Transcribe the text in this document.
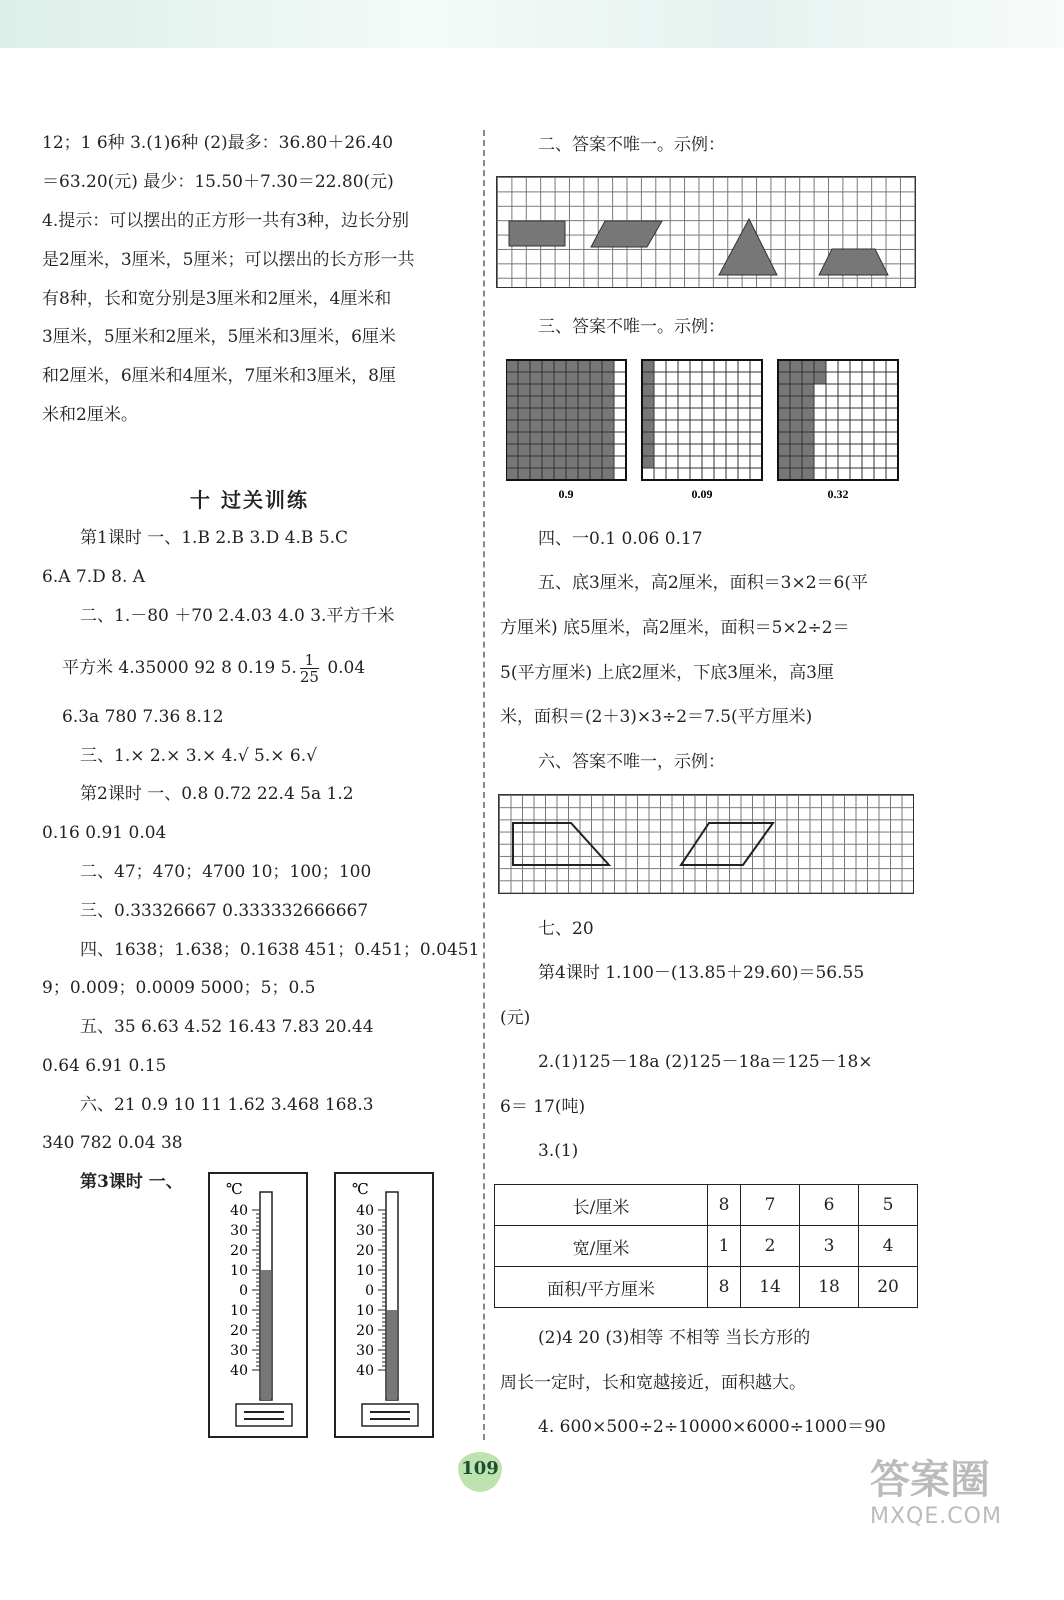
12；1 6种 3.(1)6种 (2)最多：36.80＋26.40
＝63.20(元) 最少：15.50＋7.30＝22.80(元)
4.提示：可以摆出的正方形一共有3种，边长分别
是2厘米，3厘米，5厘米；可以摆出的长方形一共
有8种，长和宽分别是3厘米和2厘米，4厘米和
3厘米，5厘米和2厘米，5厘米和3厘米，6厘米
和2厘米，6厘米和4厘米，7厘米和3厘米，8厘
米和2厘米。
十 过关训练
第1课时 一、1.B 2.B 3.D 4.B 5.C
6.A 7.D 8. A
二、1.－80 ＋70 2.4.03 4.0 3.平方千米
平方米 4.35000 92 8 0.19 5. $\frac{1}{25} 0.04$
6.3a 780 7.36 8.12
三、1.× 2.× 3.× 4.√ 5.× 6.√
第2课时 一、0.8 0.72 22.4 5a 1.2
0.16 0.91 0.04
二、47；470；4700 10；100；100
三、0.33326667 0.333332666667
四、1638；1.638；0.1638 451；0.451；0.0451
9；0.009；0.0009 5000；5；0.5
五、35 6.63 4.52 16.43 7.83 20.44
0.64 6.91 0.15
六、21 0.9 10 11 1.62 3.468 168.3
340 782 0.04 38
第3课时 一、	℃
40
30
20
10
0
10
20
30
40
℃
40
30
20
10
0
10
20
30
40
二、答案不唯一。示例：
三、答案不唯一。示例：
0.9	0.09	0.32
四、一0.1 0.06 0.17
五、底3厘米，高2厘米，面积＝3×2＝6(平
方厘米) 底5厘米，高2厘米，面积＝5×2÷2＝
5(平方厘米) 上底2厘米，下底3厘米，高3厘
米，面积＝(2＋3)×3÷2＝7.5(平方厘米)
六、答案不唯一，示例：
七、20
第4课时 1.100－(13.85＋29.60)＝56.55
(元)
2.(1)125－18a (2)125－18a＝125－18×
6＝ 17(吨)
3.(1)
长/厘米	8	7	6	5
宽/厘米	1	2	3	4
面积/平方厘米	8	14	18	20
(2)4 20 (3)相等 不相等 当长方形的
周长一定时，长和宽越接近，面积越大。
4. 600×500÷2÷10000×6000÷1000＝90
109	答案圈
MXQE.COM
